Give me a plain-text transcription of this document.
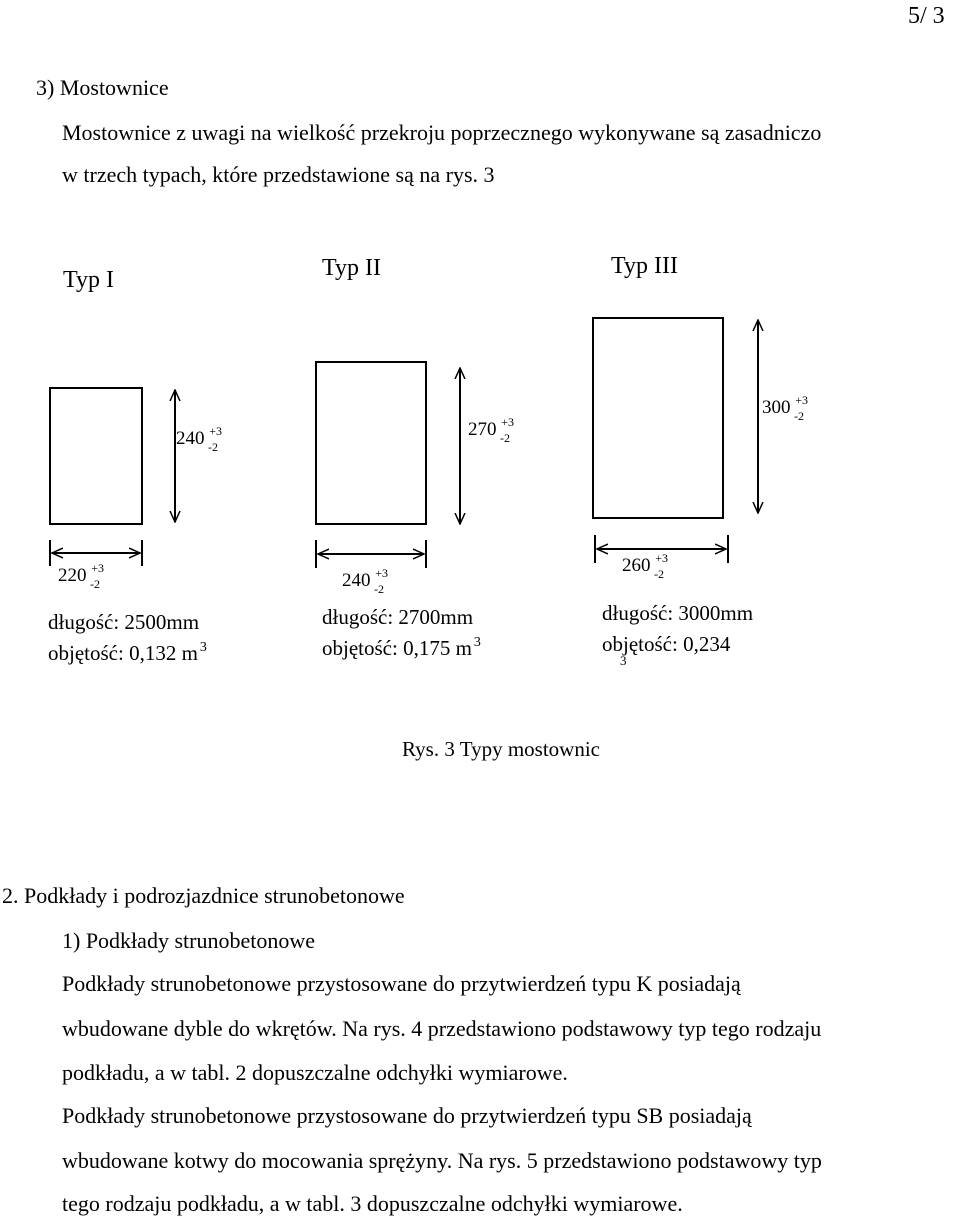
5/ 3
3) Mostownice
Mostownice z uwagi na wielkość przekroju poprzecznego wykonywane są zasadniczo
w trzech typach, które przedstawione są na rys. 3
Typ I	Typ II	Typ III
240 $^{+3}_{-2}$
270 $^{+3}_{-2}$
300 $^{+3}_{-2}$
220 $^{+3}_{-2}$	240 $^{+3}_{-2}$
260 $^{+3}_{-2}$
długość: 2500mm
objętość: 0,132 m $^3$
długość: 2700mm
objętość: 0,175 m $^3$
długość: 3000mm
objętość: 0,234
3
Rys. 3 Typy mostownic
2. Podkłady i podrozjazdnice strunobetonowe
1) Podkłady strunobetonowe
Podkłady strunobetonowe przystosowane do przytwierdzeń typu K posiadają
wbudowane dyble do wkrętów. Na rys. 4 przedstawiono podstawowy typ tego rodzaju
podkładu, a w tabl. 2 dopuszczalne odchyłki wymiarowe.
Podkłady strunobetonowe przystosowane do przytwierdzeń typu SB posiadają
wbudowane kotwy do mocowania sprężyny. Na rys. 5 przedstawiono podstawowy typ
tego rodzaju podkładu, a w tabl. 3 dopuszczalne odchyłki wymiarowe.
